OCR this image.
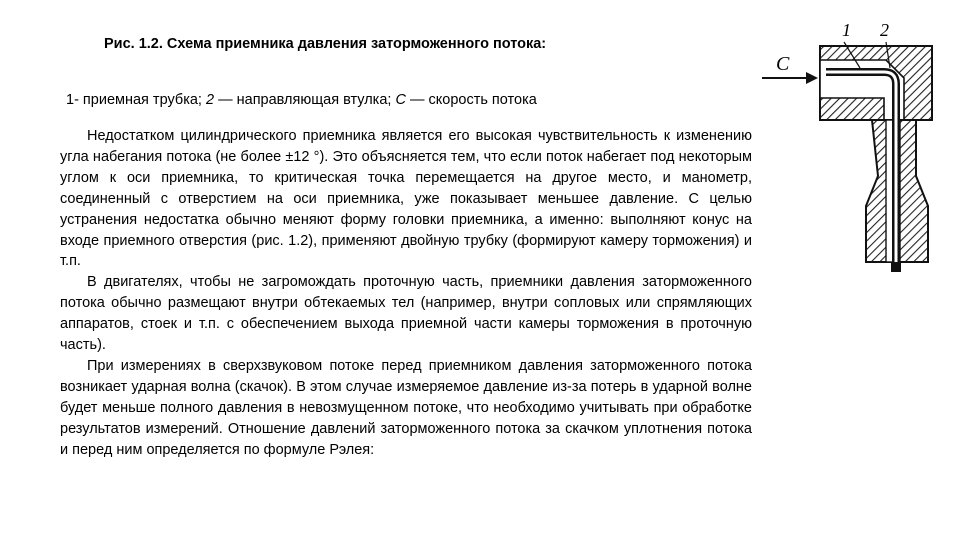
Рис. 1.2. Схема приемника давления заторможенного потока:
1- приемная трубка; 2 — направляющая втулка; С — скорость потока

Недостатком цилиндрического приемника является его высокая чувствительность к изменению угла набегания потока (не более ±12 °). Это объясняется тем, что если поток набегает под некоторым углом к оси приемника, то критическая точка перемещается на другое место, и манометр, соединенный с отверстием на оси приемника, уже показывает меньшее давление. С целью устранения недостатка обычно меняют форму головки приемника, а именно: выполняют конус на входе приемного отверстия (рис. 1.2), применяют двойную трубку (формируют камеру торможения) и т.п.

В двигателях, чтобы не загромождать проточную часть, приемники давления заторможенного потока обычно размещают внутри обтекаемых тел (например, внутри сопловых или спрямляющих аппаратов, стоек и т.п. с обеспечением выхода приемной части камеры торможения в проточную часть).

При измерениях в сверхзвуковом потоке перед приемником давления заторможенного потока возникает ударная волна (скачок). В этом случае измеряемое давление из-за потерь в ударной волне будет меньше полного давления в невозмущенном потоке, что необходимо учитывать при обработке результатов измерений. Отношение давлений заторможенного потока за скачком уплотнения потока и перед ним определяется по формуле Рэлея:

1 2
C
